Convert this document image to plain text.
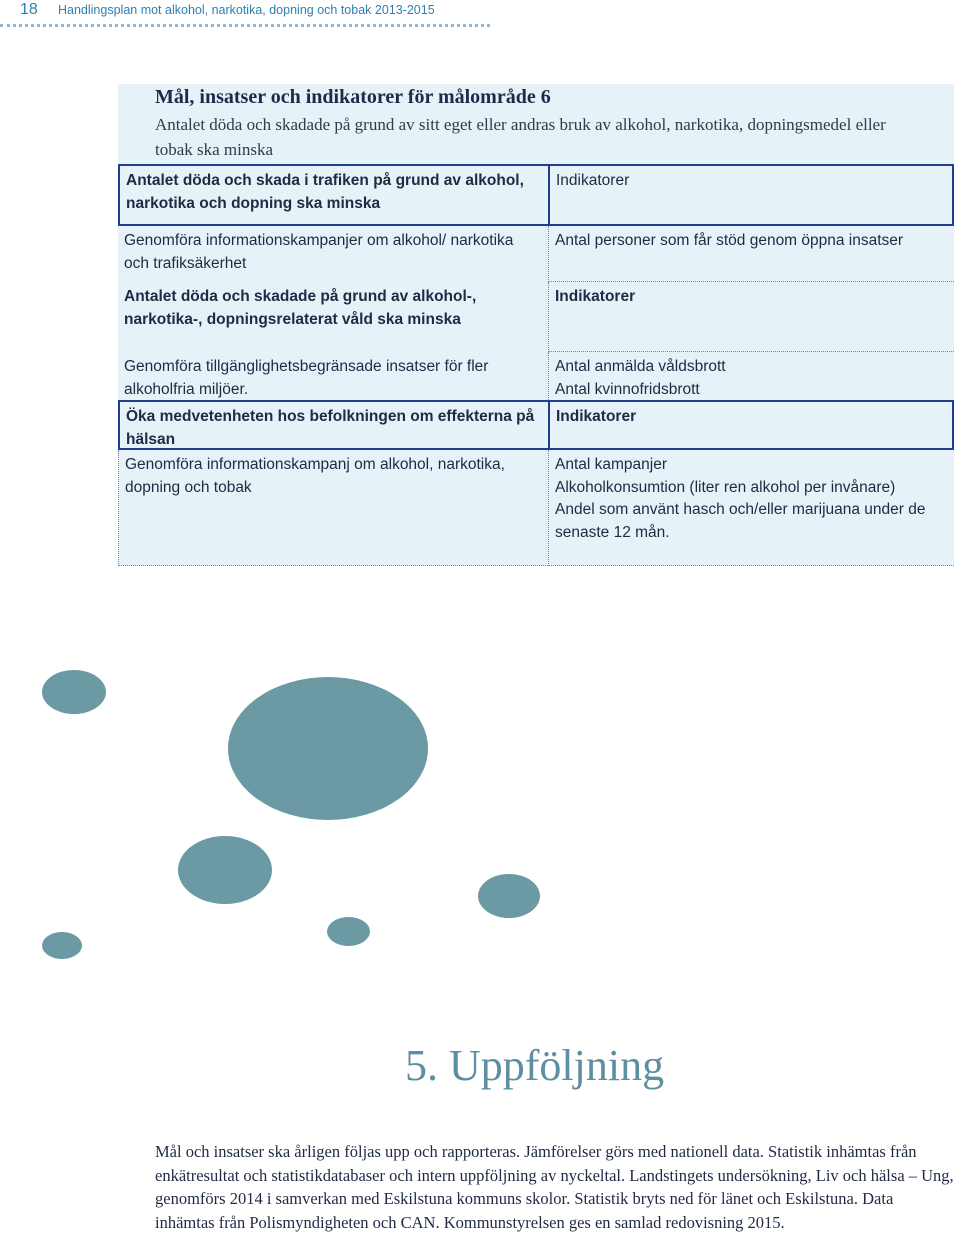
18 Handlingsplan mot alkohol, narkotika, dopning och tobak 2013-2015
Mål, insatser och indikatorer för målområde 6
Antalet döda och skadade på grund av sitt eget eller andras bruk av alkohol, narkotika, dopningsmedel eller tobak ska minska
Antalet döda och skada i trafiken på grund av alkohol, narkotika och dopning ska minska
Indikatorer
Genomföra informationskampanjer om alkohol/ narkotika och trafiksäkerhet
Antal personer som får stöd genom öppna insatser
Antalet döda och skadade på grund av alkohol-, narkotika-, dopningsrelaterat våld ska minska
Indikatorer
Genomföra tillgänglighetsbegränsade insatser för fler alkoholfria miljöer.
Antal anmälda våldsbrott
Antal kvinnofridsbrott
Öka medvetenheten hos befolkningen om effekterna på hälsan
Indikatorer
Genomföra informationskampanj om alkohol, narkotika, dopning och tobak
Antal kampanjer
Alkoholkonsumtion (liter ren alkohol per invånare)
Andel som använt hasch och/eller marijuana under de senaste 12 mån.
5. Uppföljning
Mål och insatser ska årligen följas upp och rapporteras. Jämförelser görs med nationell data. Statistik inhämtas från enkätresultat och statistikdatabaser och intern uppföljning av nyckeltal. Landstingets undersökning, Liv och hälsa – Ung, genomförs 2014 i samverkan med Eskilstuna kommuns skolor. Statistik bryts ned för länet och Eskilstuna. Data inhämtas från Polismyndigheten och CAN. Kommunstyrelsen ges en samlad redovisning 2015.
